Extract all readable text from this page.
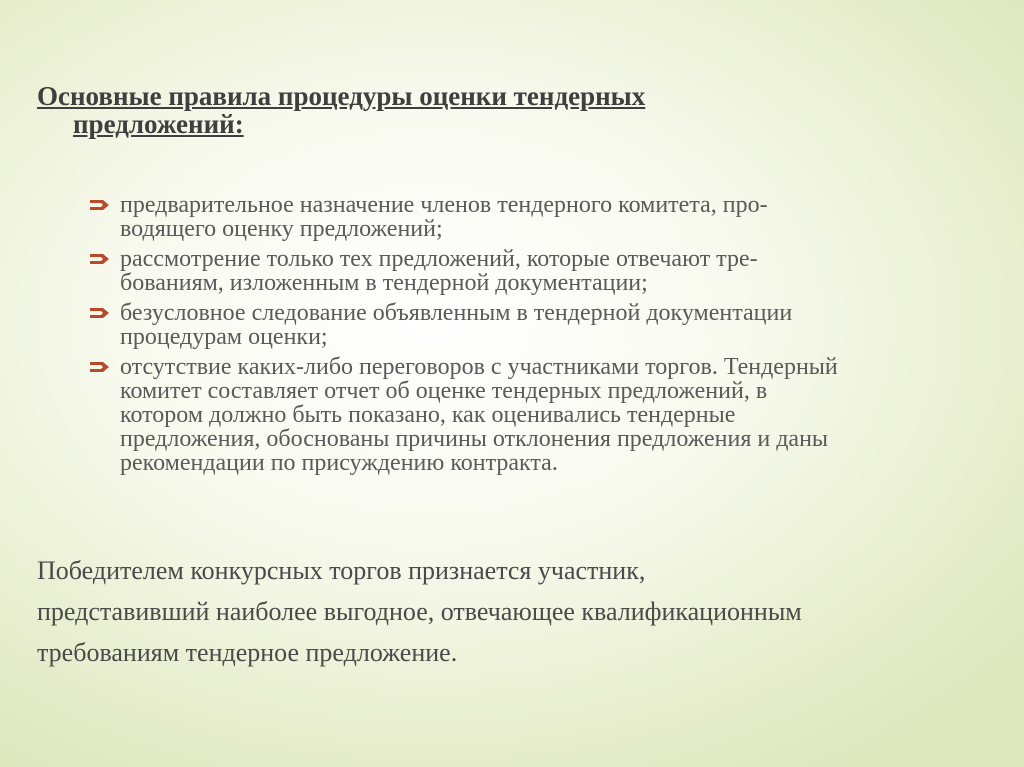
Основные правила процедуры оценки тендерных
предложений:
предварительное назначение членов тендерного комитета, про-
водящего оценку предложений;
рассмотрение только тех предложений, которые отвечают тре-
бованиям, изложенным в тендерной документации;
безусловное следование объявленным в тендерной документации
процедурам оценки;
отсутствие каких-либо переговоров с участниками торгов. Тендерный
комитет составляет отчет об оценке тендерных предложений, в
котором должно быть показано, как оценивались тендерные
предложения, обоснованы причины отклонения предложения и даны
рекомендации по присуждению контракта.

Победителем конкурсных торгов признается участник,
представивший наиболее выгодное, отвечающее квалификационным
требованиям тендерное предложение.
